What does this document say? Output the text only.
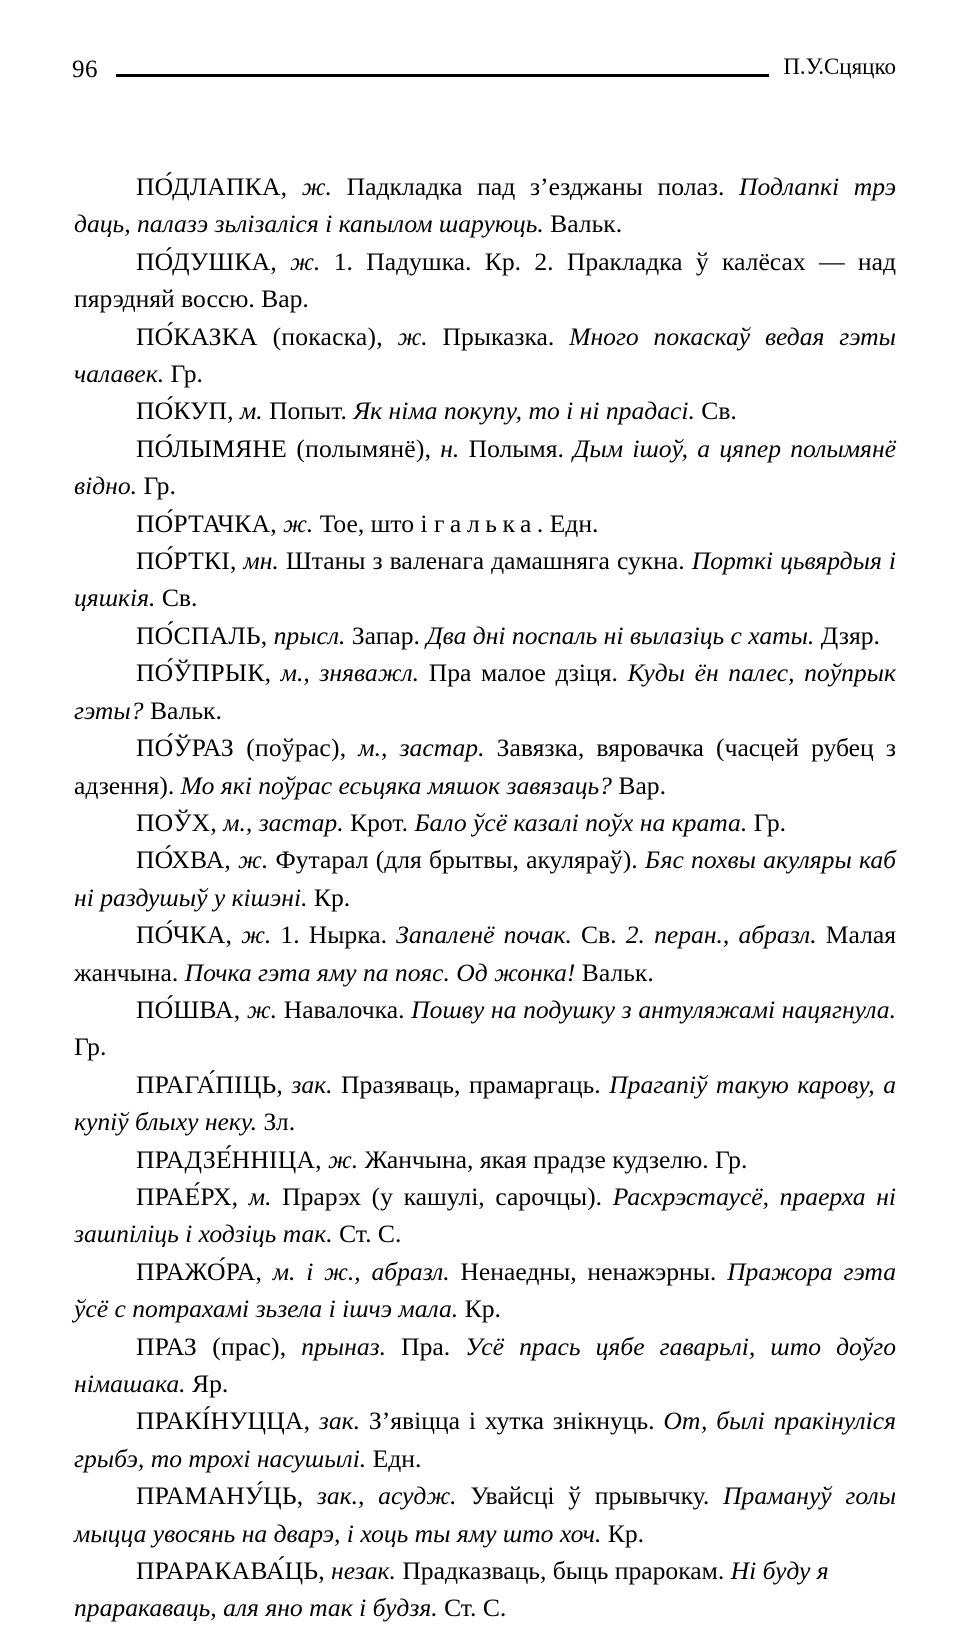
96	П.У.Сцяцко

ПО́ДЛАПКА, ж. Падкладка пад з’езджаны полаз. Подлапкі трэ даць, палазэ зьлізаліся і капылом шаруюць. Вальк.

ПО́ДУШКА, ж. 1. Падушка. Кр. 2. Пракладка ў калёсах — над пярэдняй воссю. Вар.

ПО́КАЗКА (покаска), ж. Прыказка. Много покаскаў ведая гэты чалавек. Гр.

ПО́КУП, м. Попыт. Як німа покупу, то і ні прадасі. Св.

ПО́ЛЫМЯНЕ (полымянё), н. Полымя. Дым ішоў, а цяпер полымянё відно. Гр.

ПО́РТАЧКА, ж. Тое, што і галька. Едн.

ПО́РТКІ, мн. Штаны з валенага дамашняга сукна. Порткі цьвярдыя і цяшкія. Св.

ПО́СПАЛЬ, прысл. Запар. Два дні поспаль ні вылазіць с хаты. Дзяр.

ПО́ЎПРЫК, м., зняважл. Пра малое дзіця. Куды ён палес, поўпрык гэты? Вальк.

ПО́ЎРАЗ (поўрас), м., застар. Завязка, вяровачка (часцей рубец з адзення). Мо які поўрас есьцяка мяшок завязаць? Вар.

ПОЎХ, м., застар. Крот. Бало ўсё казалі поўх на крата. Гр.

ПО́ХВА, ж. Футарал (для брытвы, акуляраў). Бяс похвы акуляры каб ні раздушыў у кішэні. Кр.

ПО́ЧКА, ж. 1. Нырка. Запаленё почак. Св. 2. перан., абразл. Малая жанчына. Почка гэта яму па пояс. Од жонка! Вальк.

ПО́ШВА, ж. Навалочка. Пошву на подушку з антуляжамі нацягнула. Гр.

ПРАГА́ПІЦЬ, зак. Празяваць, прамаргаць. Прагапіў такую карову, а купіў блыху неку. Зл.

ПРАДЗЕ́ННІЦА, ж. Жанчына, якая прадзе кудзелю. Гр.

ПРАЕ́РХ, м. Прарэх (у кашулі, сарочцы). Расхрэстаусё, праерха ні зашпіліць і ходзіць так. Ст. С.

ПРАЖО́РА, м. і ж., абразл. Ненаедны, ненажэрны. Пражора гэта ўсё с потрахамі зьзела і ішчэ мала. Кр.

ПРАЗ (прас), прыназ. Пра. Усё прась цябе гаварьлі, што доўго німашака. Яр.

ПРАКІ́НУЦЦА, зак. З’явіцца і хутка знікнуць. От, былі пракінуліся грыбэ, то трохі насушылі. Едн.

ПРАМАНУ́ЦЬ, зак., асудж. Увайсці ў прывычку. Прамануў голы мыцца увосянь на дварэ, і хоць ты яму што хоч. Кр.

ПРАРАКАВА́ЦЬ, незак. Прадказваць, быць прарокам. Ні буду я праракаваць, аля яно так і будзя. Ст. С.
